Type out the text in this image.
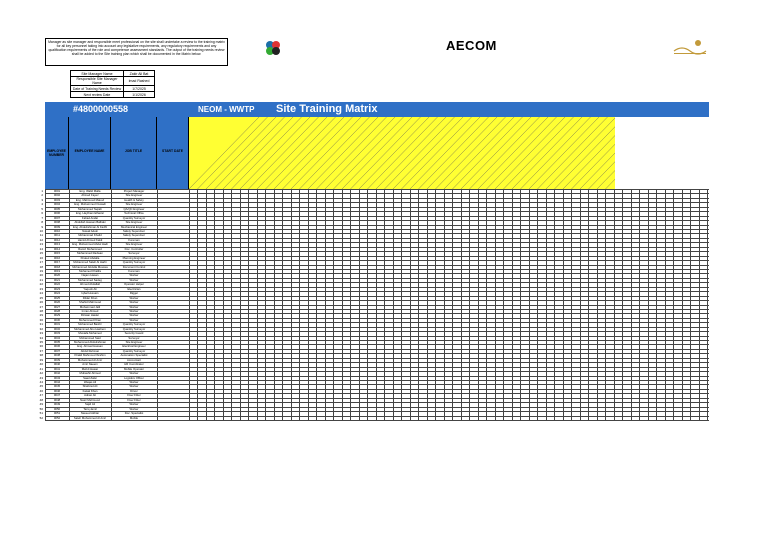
Manager as site manager and responsible meet professional on the site shall undertake a review to the training matrix for all key personnel taking into account any legislative requirements, any regulatory requirements and any qualification requirements of the role and competence assessment standards. The output of the training needs review shall be added to the Site training plan which shall be documented in the Matrix below.
AECOM
Site Manager Name	Zakir Ali Bat
Responsible Site Manager Name	Imad Rashed
Date of Training Needs Review	1/7/2025
Next review Date	1/1/2026
#4800000558	NEOM - WWTP Site Training Matrix
EMPLOYEE NUMBER
EMPLOYEE NAME	JOB TITLE	START DATE
0001	Eng. Walid Malla	Project Manager
1
0002	Ahmed Fayez	Site Engineer
2
0003	Eng. Mahmoud Maiouf	Health & Safety
3
0004	Eng. Mohammed Ouwadi	Site Engineer
4
0005	Mohammed Taqiah	QA/QC Engineer
5
0006	Eng. Haytham Elhazar	Technical Office
6
0007	Fahad Arafat	Quantity Surveyor
7
0008	Abdullah Hassan Balbaki	Site Engineer
8
0009	Eng. Abdelrahman Al Fadhl	Mechanical Engineer
9
0010	Nawaf Adeki	Safety Supervisor
10
0011	Mohammad Khalid	Safety Supervisor
11
0012	Hamid Ahmed Kaldi	Foreman
12
0013	Eng. Mohammed Abdel Hadi	Site Engineer
13
0014	Ramzi Mohammed	Doc. Controller
14
0015	Mohammed Radwan	Surveyor
15
0016	Khaled Abdalla	Planning Engineer
16
0017	Mohammed Saleh Al Harbi	Quantity Surveyor
17
0018	Mohammed Abdulla Moussa	Document Control
18
0019	Mohamed Khalifa	Foreman
19
0020	Najam Hasan	Worker
20
0021	Mohammed Sadeg	Worker
21
0022	Ahmed Abdallah	Operator Helper
22
0023	Yaqoob Ali	Electrician
23
0024	Iqbal Hussain	Rigger
24
0025	Dildar Khan	Worker
25
0026	Shahid Mahmood	Worker
26
0027	Mohammad Jalil	Worker
27
0028	Imran Ahmed	Worker
28
0029	Rizwan Haider	Worker
29
0030	Mohammed Khan	Worker
30
0031	Mohammed Bashir	Quantity Surveyor
31
0032	Mohammed Abu Hashem	Quantity Surveyor
32
0033	Mustafa Mohamed	Security Guard
33
0034	Mohammed Said	Surveyor
34
0035	Mohammed Abdulrahman	Site Engineer
35
0036	Eng. Ahmad Hassan	Electrical Engineer
36
0037	Abdul Rehman	Quantity Surveyor
37
0038	Khalid Mahmoud Ibrahim	Automation Specialist
38
0039	Mohammed Al Amir	Accountant
39
0040	Amir Naeem	HR Coordinator
40
0041	Mehdi Hasan	Mobile Operator
41
0042	Mubashir Ahmed	Worker
42
0043	Saad Zafar	Logistics Officer
43
0044	Waqas Ali	Worker
44
0045	Shahzad Ali	Worker
45
0046	Faisal Khan	Driver
46
0047	Adnan Ali	Fixer Fitter
47
0048	Nasir Mehmood	Fixer Fitter
48
0049	Sajid Ali	Worker
49
0050	Tariq Jamil	Worker
50
0051	Naveed Akhtar	Doc. Specialist
51
0052	Saleh Mohammed Al Amri	Mobile
52
